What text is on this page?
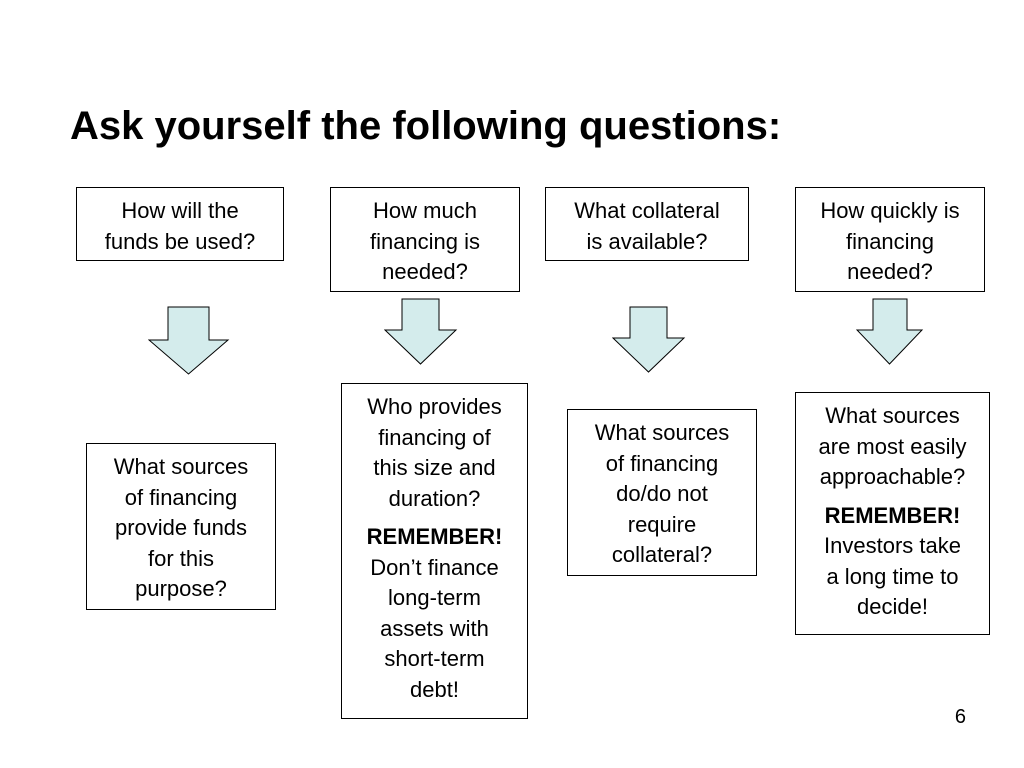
Ask yourself the following questions:

How will the
funds be used?

How much
financing is
needed?

What collateral
is available?

How quickly is
financing
needed?

What sources
of financing
provide funds
for this
purpose?

Who provides
financing of
this size and
duration?

REMEMBER!
Don’t finance
long-term
assets with
short-term
debt!

What sources
of financing
do/do not
require
collateral?

What sources
are most easily
approachable?

REMEMBER!
Investors take
a long time to
decide!

6
